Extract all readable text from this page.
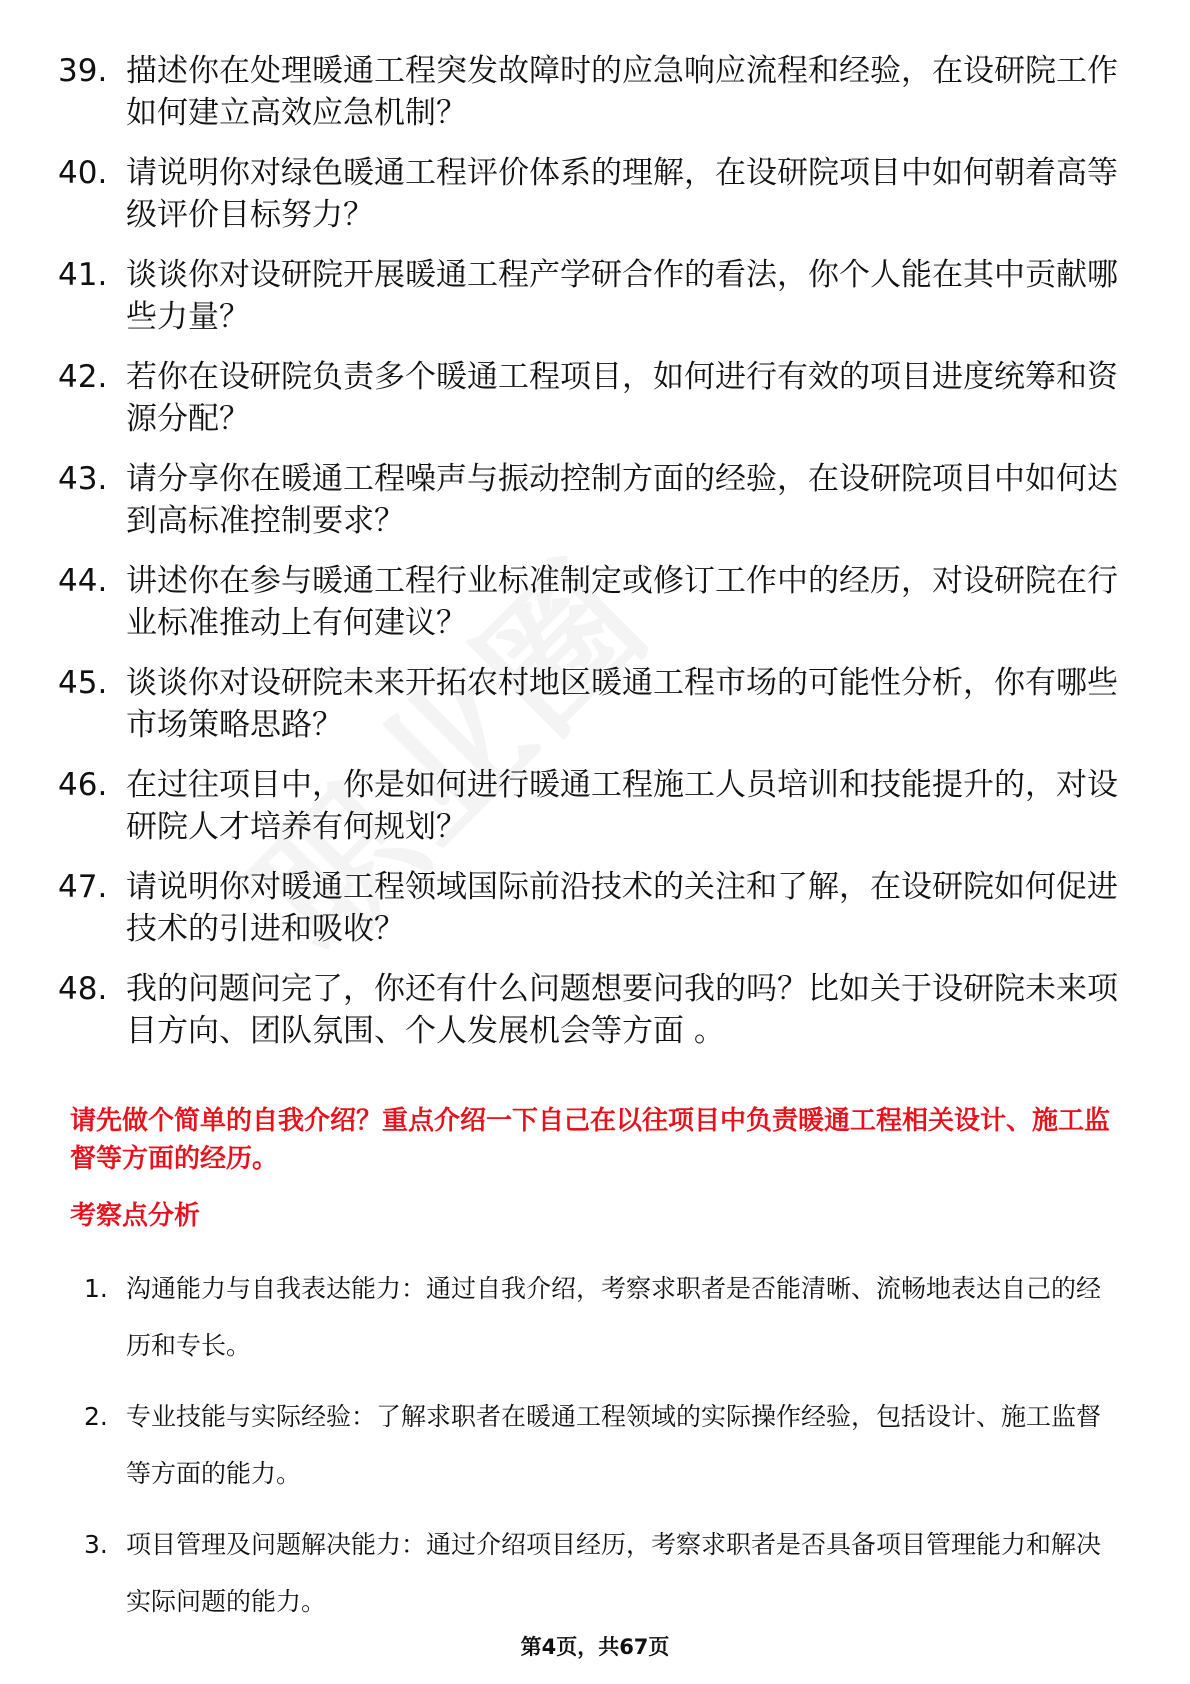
39. 描述你在处理暖通工程突发故障时的应急响应流程和经验，在设研院工作如何建立高效应急机制？
40. 请说明你对绿色暖通工程评价体系的理解，在设研院项目中如何朝着高等级评价目标努力？
41. 谈谈你对设研院开展暖通工程产学研合作的看法，你个人能在其中贡献哪些力量？
42. 若你在设研院负责多个暖通工程项目，如何进行有效的项目进度统筹和资源分配？
43. 请分享你在暖通工程噪声与振动控制方面的经验，在设研院项目中如何达到高标准控制要求？
44. 讲述你在参与暖通工程行业标准制定或修订工作中的经历，对设研院在行业标准推动上有何建议？
45. 谈谈你对设研院未来开拓农村地区暖通工程市场的可能性分析，你有哪些市场策略思路？
46. 在过往项目中，你是如何进行暖通工程施工人员培训和技能提升的，对设研院人才培养有何规划？
47. 请说明你对暖通工程领域国际前沿技术的关注和了解，在设研院如何促进技术的引进和吸收？
48. 我的问题问完了，你还有什么问题想要问我的吗？比如关于设研院未来项目方向、团队氛围、个人发展机会等方面 。
请先做个简单的自我介绍？重点介绍一下自己在以往项目中负责暖通工程相关设计、施工监督等方面的经历。
考察点分析
1. 沟通能力与自我表达能力：通过自我介绍，考察求职者是否能清晰、流畅地表达自己的经历和专长。
2. 专业技能与实际经验：了解求职者在暖通工程领域的实际操作经验，包括设计、施工监督等方面的能力。
3. 项目管理及问题解决能力：通过介绍项目经历，考察求职者是否具备项目管理能力和解决实际问题的能力。
第4页，共67页
